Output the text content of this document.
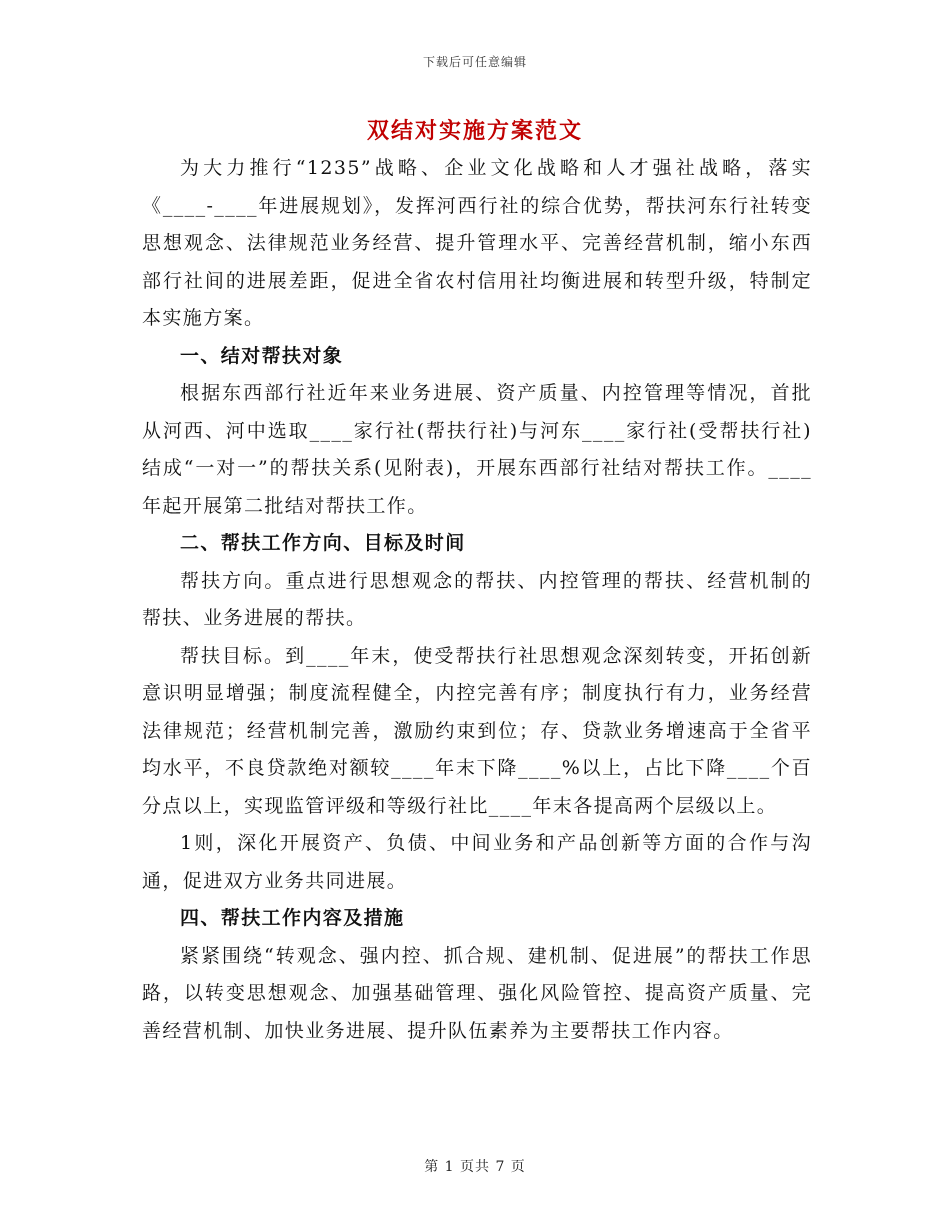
下载后可任意编辑
双结对实施方案范文

为大力推行“1235”战略、企业文化战略和人才强社战略，落实《____-____年进展规划》，发挥河西行社的综合优势，帮扶河东行社转变思想观念、法律规范业务经营、提升管理水平、完善经营机制，缩小东西部行社间的进展差距，促进全省农村信用社均衡进展和转型升级，特制定本实施方案。

一、结对帮扶对象

根据东西部行社近年来业务进展、资产质量、内控管理等情况，首批从河西、河中选取____家行社(帮扶行社)与河东____家行社(受帮扶行社)结成“一对一”的帮扶关系(见附表)，开展东西部行社结对帮扶工作。____年起开展第二批结对帮扶工作。

二、帮扶工作方向、目标及时间

帮扶方向。重点进行思想观念的帮扶、内控管理的帮扶、经营机制的帮扶、业务进展的帮扶。

帮扶目标。到____年末，使受帮扶行社思想观念深刻转变，开拓创新意识明显增强；制度流程健全，内控完善有序；制度执行有力，业务经营法律规范；经营机制完善，激励约束到位；存、贷款业务增速高于全省平均水平，不良贷款绝对额较____年末下降____%以上，占比下降____个百分点以上，实现监管评级和等级行社比____年末各提高两个层级以上。

1则，深化开展资产、负债、中间业务和产品创新等方面的合作与沟通，促进双方业务共同进展。

四、帮扶工作内容及措施

紧紧围绕“转观念、强内控、抓合规、建机制、促进展”的帮扶工作思路，以转变思想观念、加强基础管理、强化风险管控、提高资产质量、完善经营机制、加快业务进展、提升队伍素养为主要帮扶工作内容。

第 1 页共 7 页
